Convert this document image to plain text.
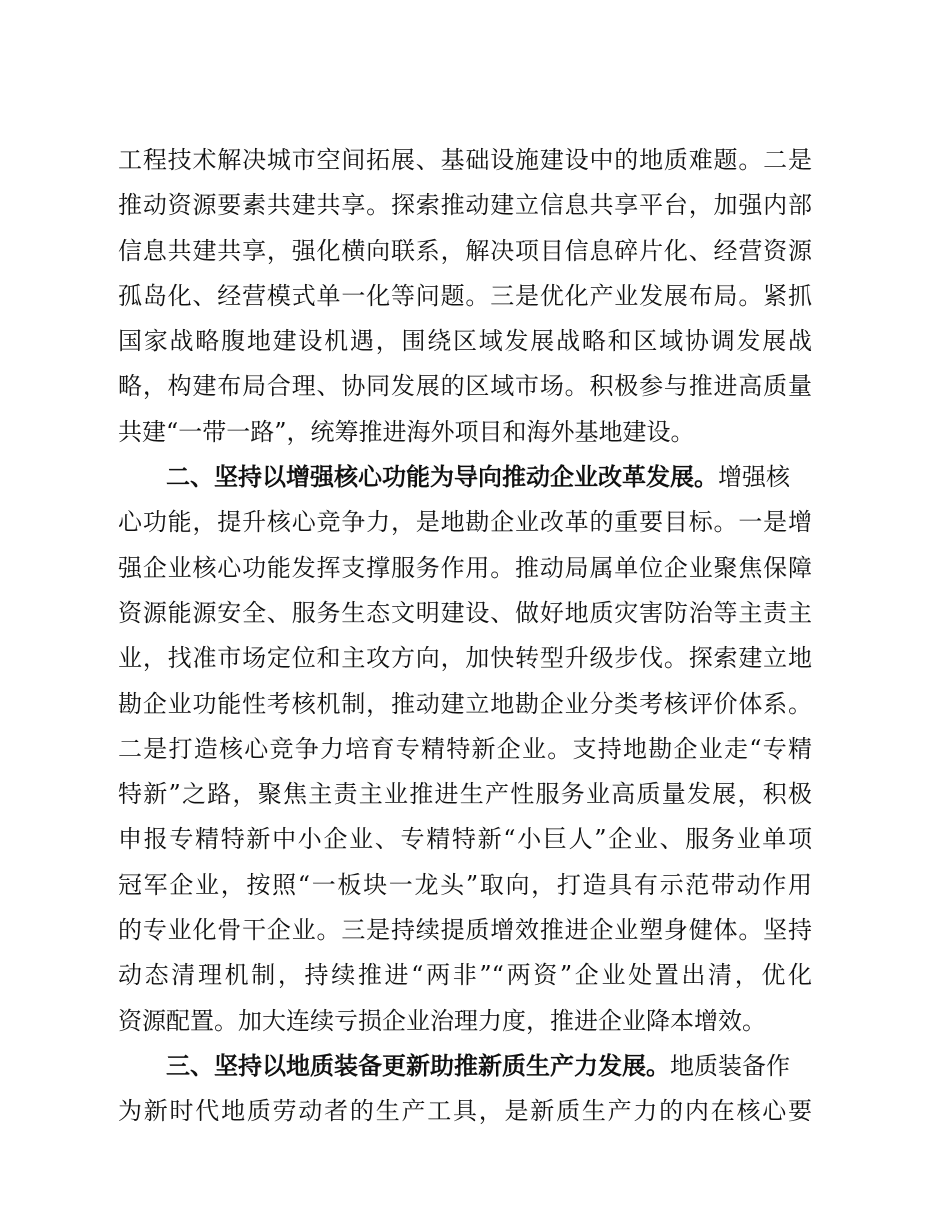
工程技术解决城市空间拓展、基础设施建设中的地质难题。二是
推动资源要素共建共享。探索推动建立信息共享平台，加强内部
信息共建共享，强化横向联系，解决项目信息碎片化、经营资源
孤岛化、经营模式单一化等问题。三是优化产业发展布局。紧抓
国家战略腹地建设机遇，围绕区域发展战略和区域协调发展战
略，构建布局合理、协同发展的区域市场。积极参与推进高质量
共建“一带一路”，统筹推进海外项目和海外基地建设。
二、坚持以增强核心功能为导向推动企业改革发展。增强核
心功能，提升核心竞争力，是地勘企业改革的重要目标。一是增
强企业核心功能发挥支撑服务作用。推动局属单位企业聚焦保障
资源能源安全、服务生态文明建设、做好地质灾害防治等主责主
业，找准市场定位和主攻方向，加快转型升级步伐。探索建立地
勘企业功能性考核机制，推动建立地勘企业分类考核评价体系。
二是打造核心竞争力培育专精特新企业。支持地勘企业走“专精
特新”之路，聚焦主责主业推进生产性服务业高质量发展，积极
申报专精特新中小企业、专精特新“小巨人”企业、服务业单项
冠军企业，按照“一板块一龙头”取向，打造具有示范带动作用
的专业化骨干企业。三是持续提质增效推进企业塑身健体。坚持
动态清理机制，持续推进“两非”“两资”企业处置出清，优化
资源配置。加大连续亏损企业治理力度，推进企业降本增效。
三、坚持以地质装备更新助推新质生产力发展。地质装备作
为新时代地质劳动者的生产工具，是新质生产力的内在核心要
